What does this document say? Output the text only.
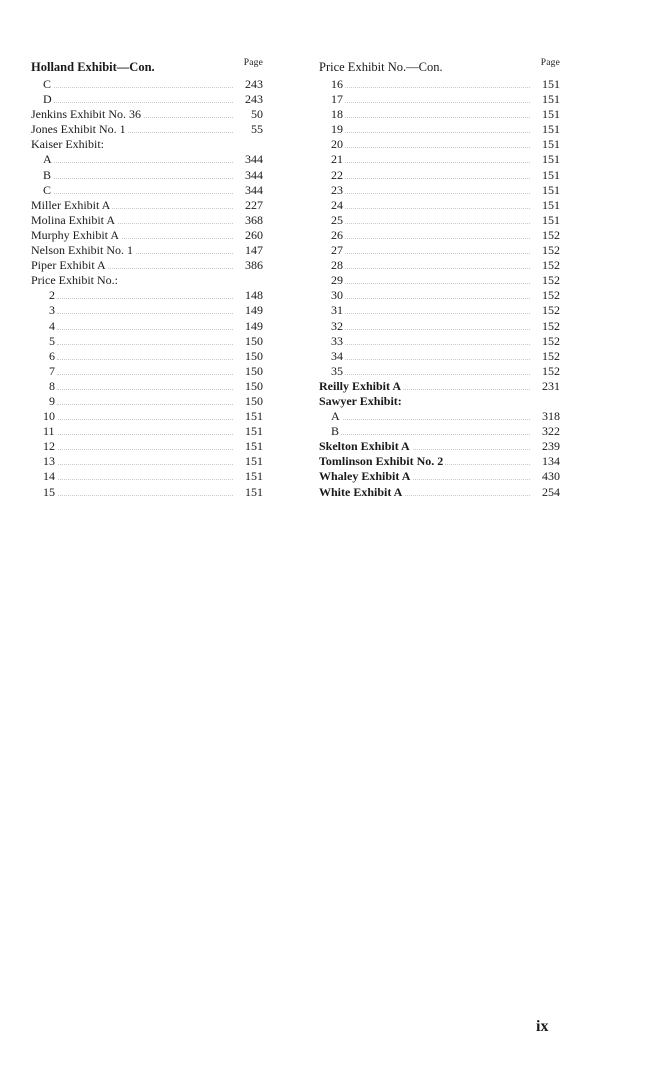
Holland Exhibit—Con.	Page
C	243
D	243
Jenkins Exhibit No. 36	50
Jones Exhibit No. 1	55
Kaiser Exhibit:
A	344
B	344
C	344
Miller Exhibit A	227
Molina Exhibit A	368
Murphy Exhibit A	260
Nelson Exhibit No. 1	147
Piper Exhibit A	386
Price Exhibit No.:
2	148
3	149
4	149
5	150
6	150
7	150
8	150
9	150
10	151
11	151
12	151
13	151
14	151
15	151
Price Exhibit No.—Con.	Page
16	151
17	151
18	151
19	151
20	151
21	151
22	151
23	151
24	151
25	151
26	152
27	152
28	152
29	152
30	152
31	152
32	152
33	152
34	152
35	152
Reilly Exhibit A	231
Sawyer Exhibit:
A	318
B	322
Skelton Exhibit A	239
Tomlinson Exhibit No. 2	134
Whaley Exhibit A	430
White Exhibit A	254
ix
